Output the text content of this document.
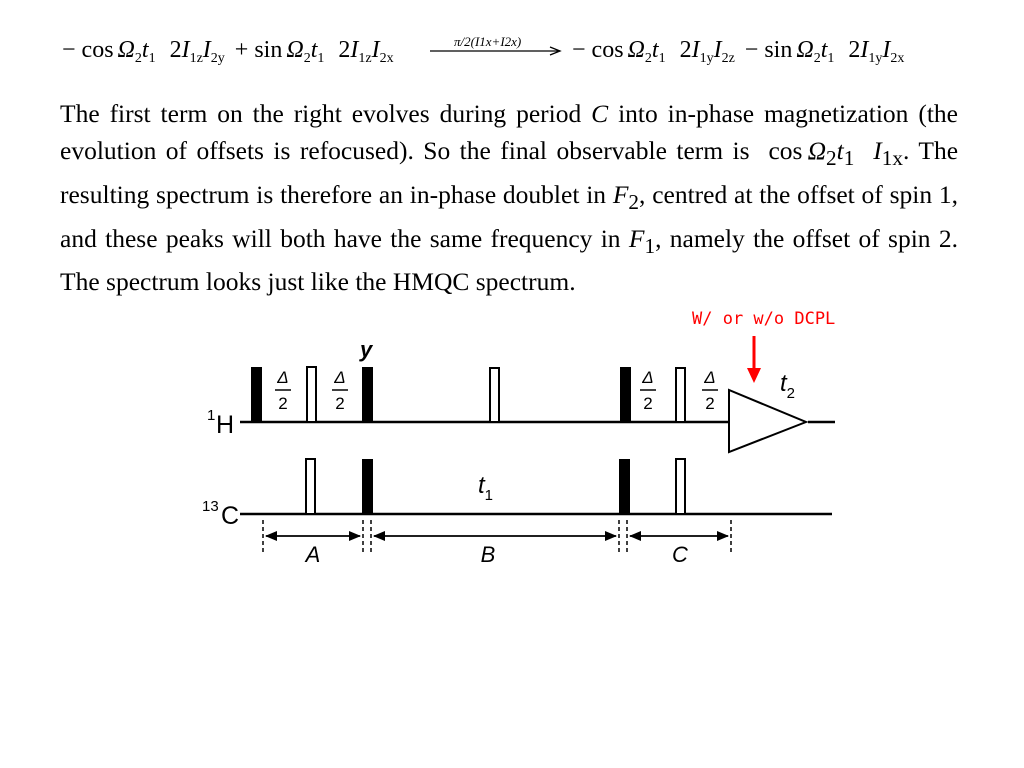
− $\cos \Omega_2t_1$ $2I_{1z}I_{2y} + \sin \Omega_2t_1$ $2I_{1z}I_{2x}$
$\pi/2(I1x+I2x) - \cos \Omega_2t_1$ $2I_{1y}I_{2z} - \sin \Omega_2t_1$ $2I_{1y}I_{2x}$

The first term on the right evolves during period C into in-phase magnetization (the evolution of offsets is refocused). So the final observable term is $\cos \Omega_2t_1$ $I_{1x}$. The resulting spectrum is therefore an in-phase doublet in $F_2$, centred at the offset of spin 1, and these peaks will both have the same frequency in $F_1$, namely the offset of spin 2. The spectrum looks just like the HMQC spectrum.

W/ or w/o DCPL

1 H
y
$t_2$
Δ
2
Δ
2
Δ
2
Δ
2
13 C
$t_1$
A	B	C
